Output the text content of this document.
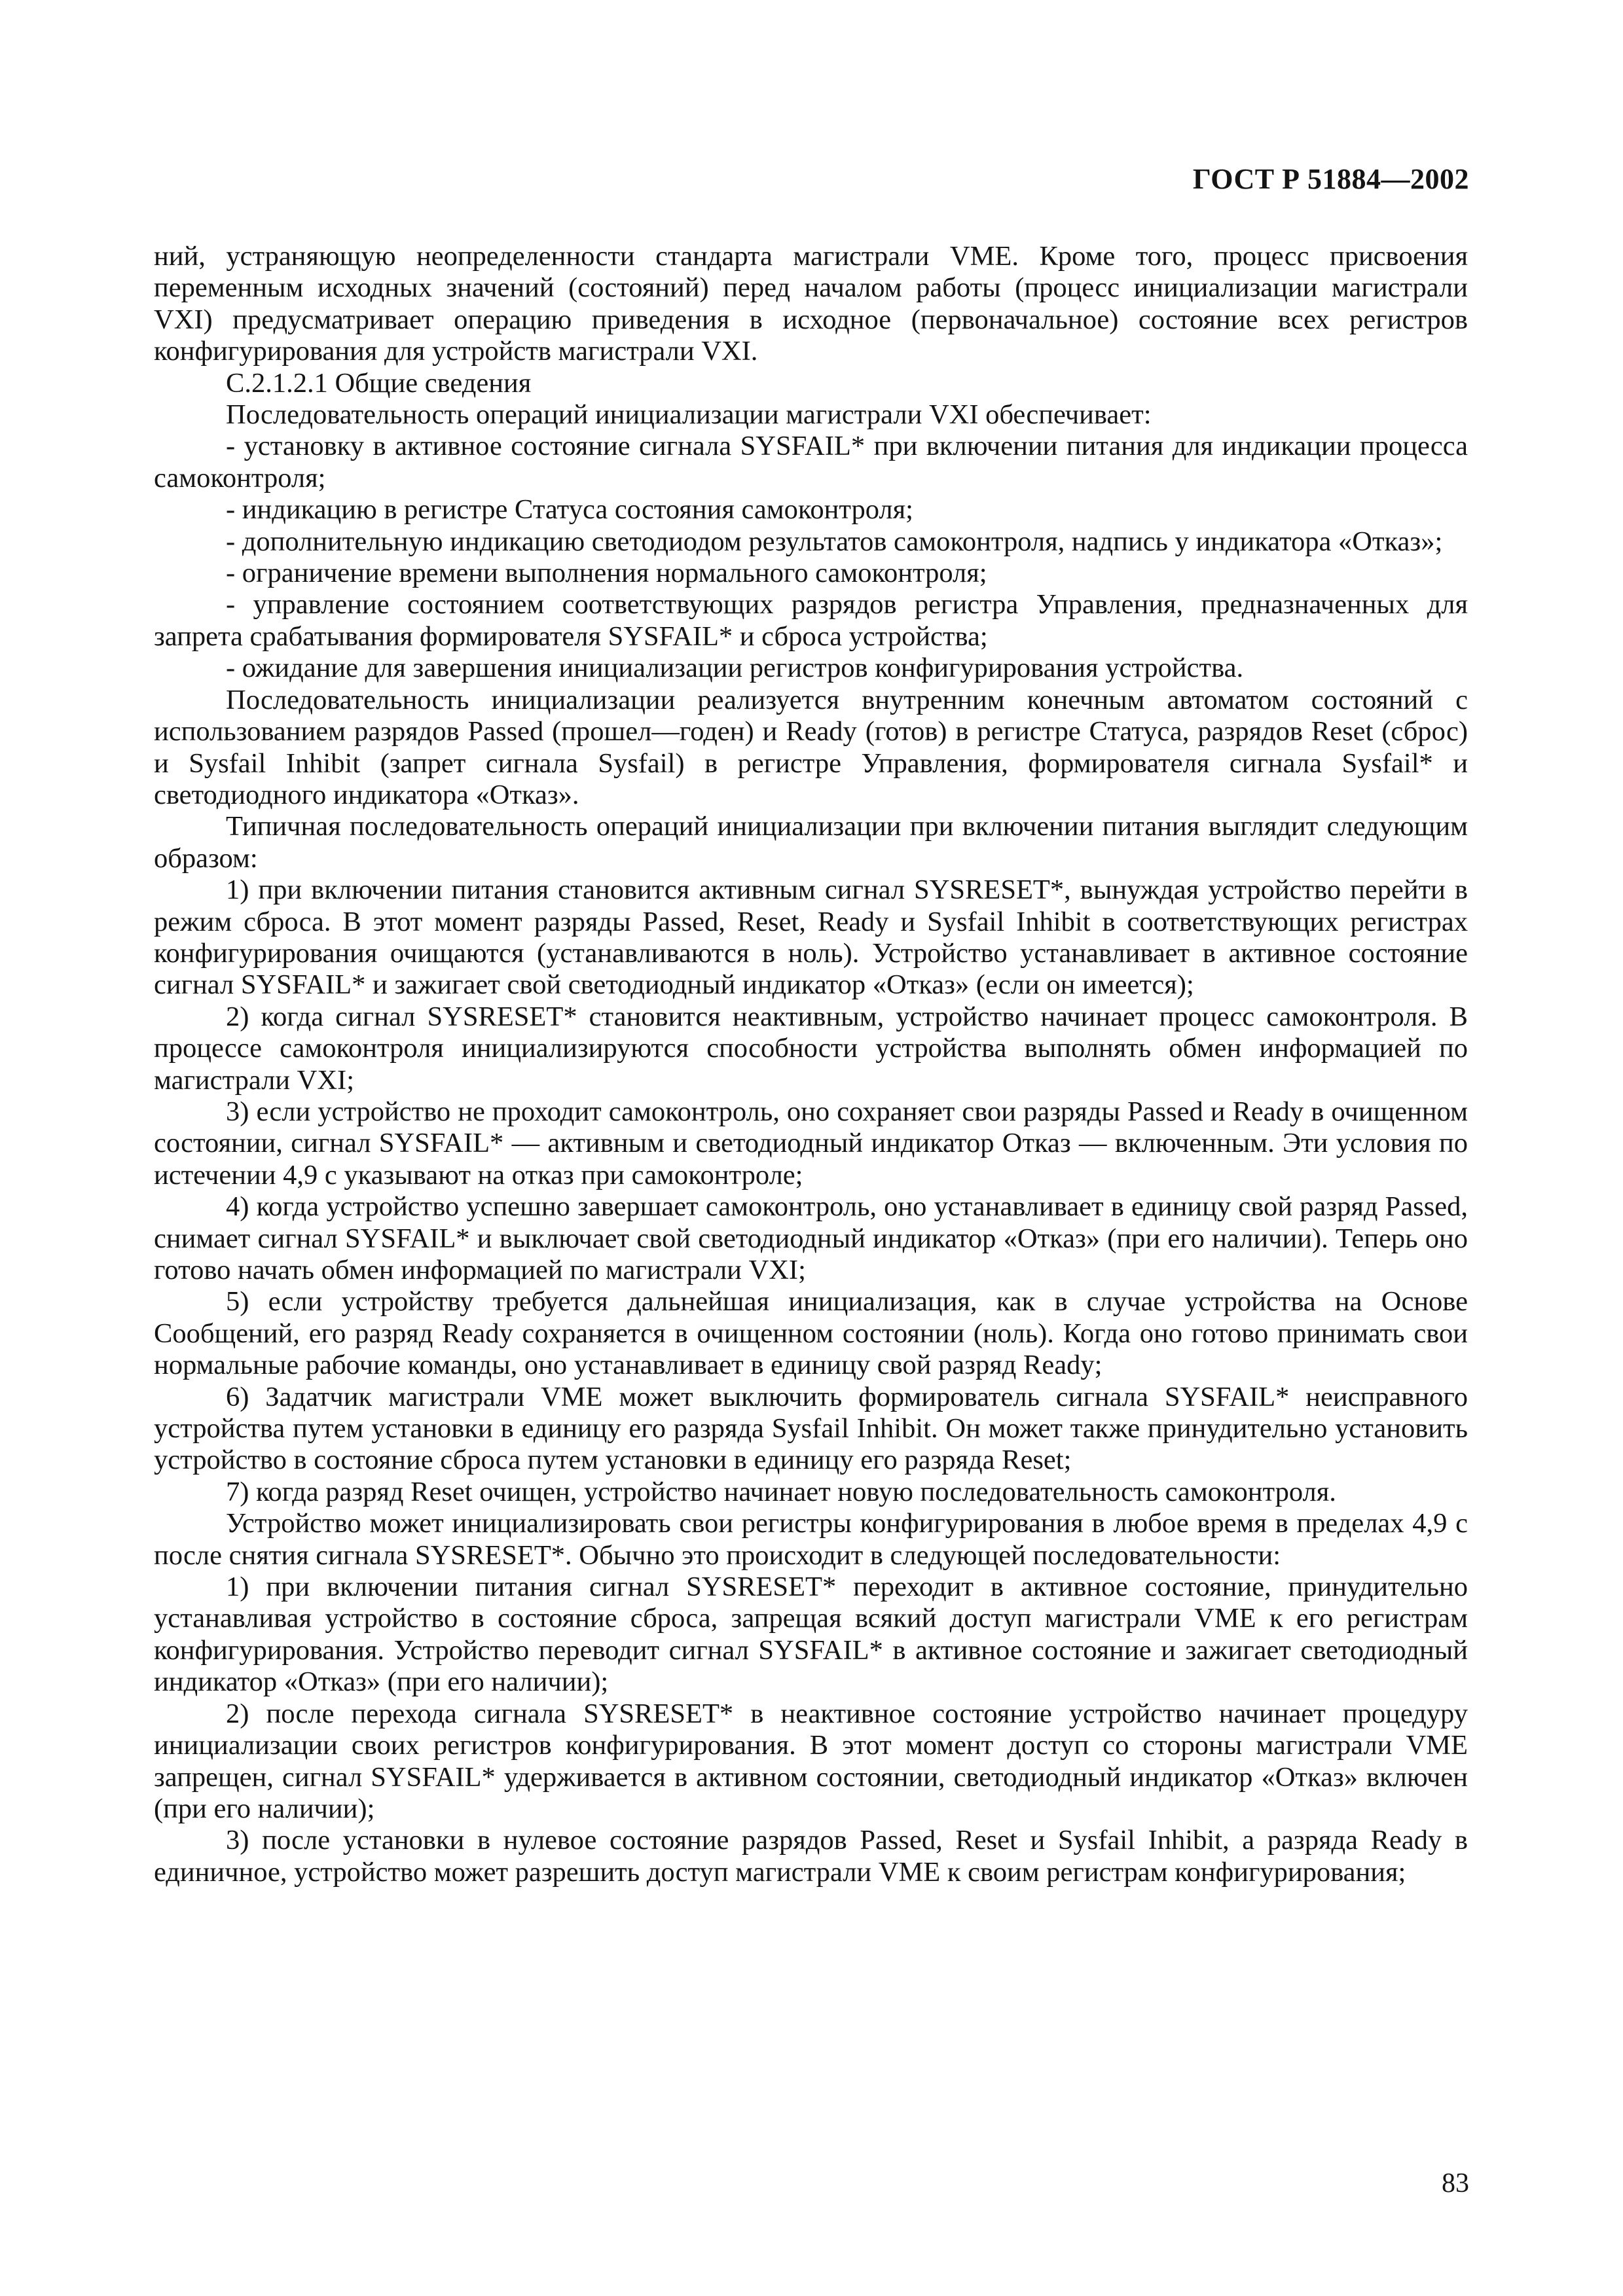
ГОСТ Р 51884—2002

ний, устраняющую неопределенности стандарта магистрали VME. Кроме того, процесс присвоения переменным исходных значений (состояний) перед началом работы (процесс инициализации магистрали VXI) предусматривает операцию приведения в исходное (первоначальное) состояние всех регистров конфигурирования для устройств магистрали VXI.

С.2.1.2.1 Общие сведения

Последовательность операций инициализации магистрали VXI обеспечивает:

- установку в активное состояние сигнала SYSFAIL* при включении питания для индикации процесса самоконтроля;

- индикацию в регистре Статуса состояния самоконтроля;

- дополнительную индикацию светодиодом результатов самоконтроля, надпись у индикатора «Отказ»;

- ограничение времени выполнения нормального самоконтроля;

- управление состоянием соответствующих разрядов регистра Управления, предназначенных для запрета срабатывания формирователя SYSFAIL* и сброса устройства;

- ожидание для завершения инициализации регистров конфигурирования устройства.

Последовательность инициализации реализуется внутренним конечным автоматом состояний с использованием разрядов Passed (прошел—годен) и Ready (готов) в регистре Статуса, разрядов Reset (сброс) и Sysfail Inhibit (запрет сигнала Sysfail) в регистре Управления, формирователя сигнала Sysfail* и светодиодного индикатора «Отказ».

Типичная последовательность операций инициализации при включении питания выглядит следующим образом:

1) при включении питания становится активным сигнал SYSRESET*, вынуждая устройство перейти в режим сброса. В этот момент разряды Passed, Reset, Ready и Sysfail Inhibit в соответствующих регистрах конфигурирования очищаются (устанавливаются в ноль). Устройство устанавливает в активное состояние сигнал SYSFAIL* и зажигает свой светодиодный индикатор «Отказ» (если он имеется);

2) когда сигнал SYSRESET* становится неактивным, устройство начинает процесс самоконтроля. В процессе самоконтроля инициализируются способности устройства выполнять обмен информацией по магистрали VXI;

3) если устройство не проходит самоконтроль, оно сохраняет свои разряды Passed и Ready в очищенном состоянии, сигнал SYSFAIL* — активным и светодиодный индикатор Отказ — включенным. Эти условия по истечении 4,9 с указывают на отказ при самоконтроле;

4) когда устройство успешно завершает самоконтроль, оно устанавливает в единицу свой разряд Passed, снимает сигнал SYSFAIL* и выключает свой светодиодный индикатор «Отказ» (при его наличии). Теперь оно готово начать обмен информацией по магистрали VXI;

5) если устройству требуется дальнейшая инициализация, как в случае устройства на Основе Сообщений, его разряд Ready сохраняется в очищенном состоянии (ноль). Когда оно готово принимать свои нормальные рабочие команды, оно устанавливает в единицу свой разряд Ready;

6) Задатчик магистрали VME может выключить формирователь сигнала SYSFAIL* неисправного устройства путем установки в единицу его разряда Sysfail Inhibit. Он может также принудительно установить устройство в состояние сброса путем установки в единицу его разряда Reset;

7) когда разряд Reset очищен, устройство начинает новую последовательность самоконтроля.

Устройство может инициализировать свои регистры конфигурирования в любое время в пределах 4,9 с после снятия сигнала SYSRESET*. Обычно это происходит в следующей последовательности:

1) при включении питания сигнал SYSRESET* переходит в активное состояние, принудительно устанавливая устройство в состояние сброса, запрещая всякий доступ магистрали VME к его регистрам конфигурирования. Устройство переводит сигнал SYSFAIL* в активное состояние и зажигает светодиодный индикатор «Отказ» (при его наличии);

2) после перехода сигнала SYSRESET* в неактивное состояние устройство начинает процедуру инициализации своих регистров конфигурирования. В этот момент доступ со стороны магистрали VME запрещен, сигнал SYSFAIL* удерживается в активном состоянии, светодиодный индикатор «Отказ» включен (при его наличии);

3) после установки в нулевое состояние разрядов Passed, Reset и Sysfail Inhibit, а разряда Ready в единичное, устройство может разрешить доступ магистрали VME к своим регистрам конфигурирования;

83
